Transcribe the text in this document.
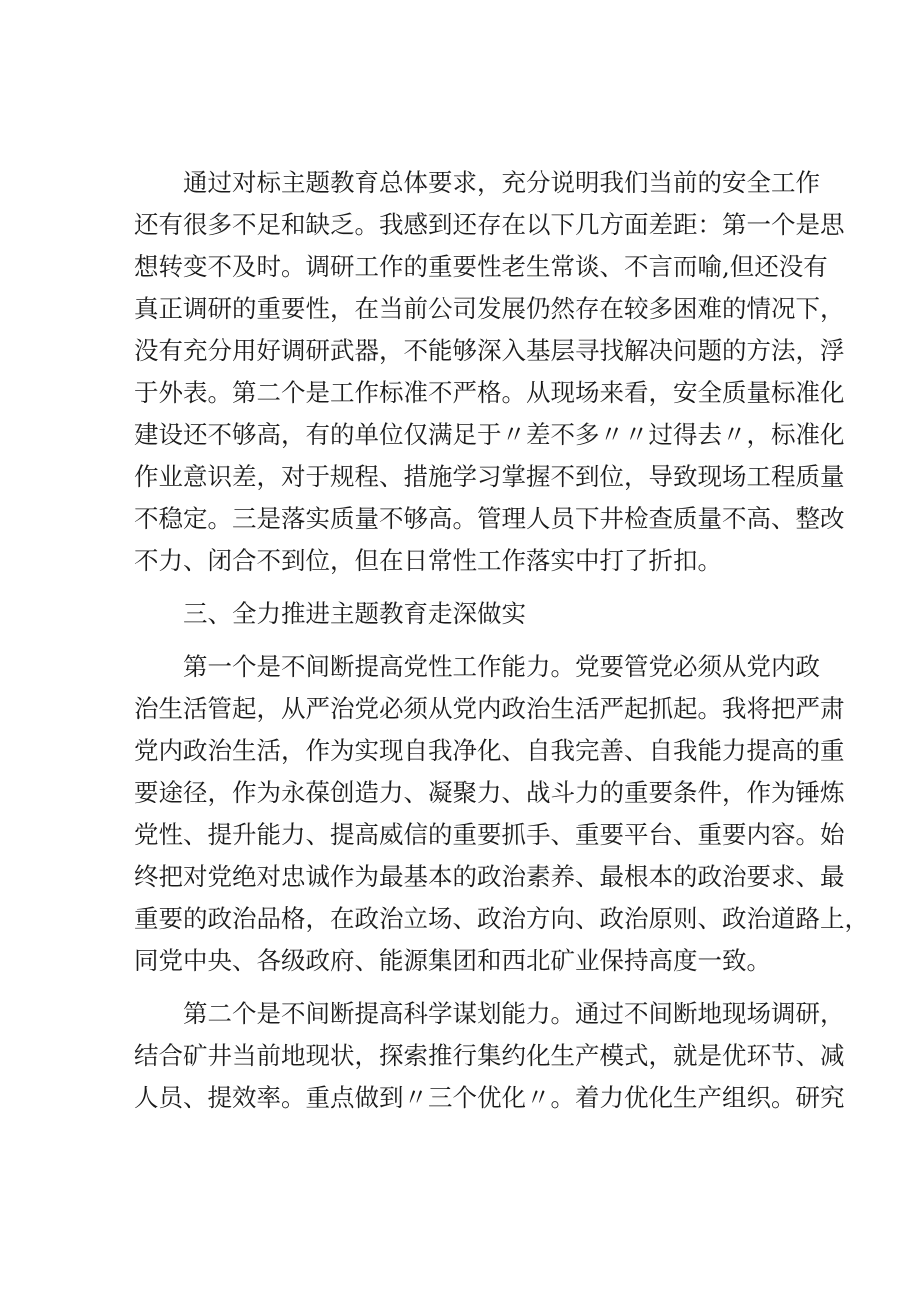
通过对标主题教育总体要求，充分说明我们当前的安全工作
还有很多不足和缺乏。我感到还存在以下几方面差距：第一个是思
想转变不及时。调研工作的重要性老生常谈、不言而喻,但还没有
真正调研的重要性，在当前公司发展仍然存在较多困难的情况下，
没有充分用好调研武器，不能够深入基层寻找解决问题的方法，浮
于外表。第二个是工作标准不严格。从现场来看，安全质量标准化
建设还不够高，有的单位仅满足于〃差不多〃〃过得去〃，标准化
作业意识差，对于规程、措施学习掌握不到位，导致现场工程质量
不稳定。三是落实质量不够高。管理人员下井检查质量不高、整改
不力、闭合不到位，但在日常性工作落实中打了折扣。
三、全力推进主题教育走深做实
第一个是不间断提高党性工作能力。党要管党必须从党内政
治生活管起，从严治党必须从党内政治生活严起抓起。我将把严肃
党内政治生活，作为实现自我净化、自我完善、自我能力提高的重
要途径，作为永葆创造力、凝聚力、战斗力的重要条件，作为锤炼
党性、提升能力、提高威信的重要抓手、重要平台、重要内容。始
终把对党绝对忠诚作为最基本的政治素养、最根本的政治要求、最
重要的政治品格，在政治立场、政治方向、政治原则、政治道路上，
同党中央、各级政府、能源集团和西北矿业保持高度一致。
第二个是不间断提高科学谋划能力。通过不间断地现场调研，
结合矿井当前地现状，探索推行集约化生产模式，就是优环节、减
人员、提效率。重点做到〃三个优化〃。着力优化生产组织。研究
